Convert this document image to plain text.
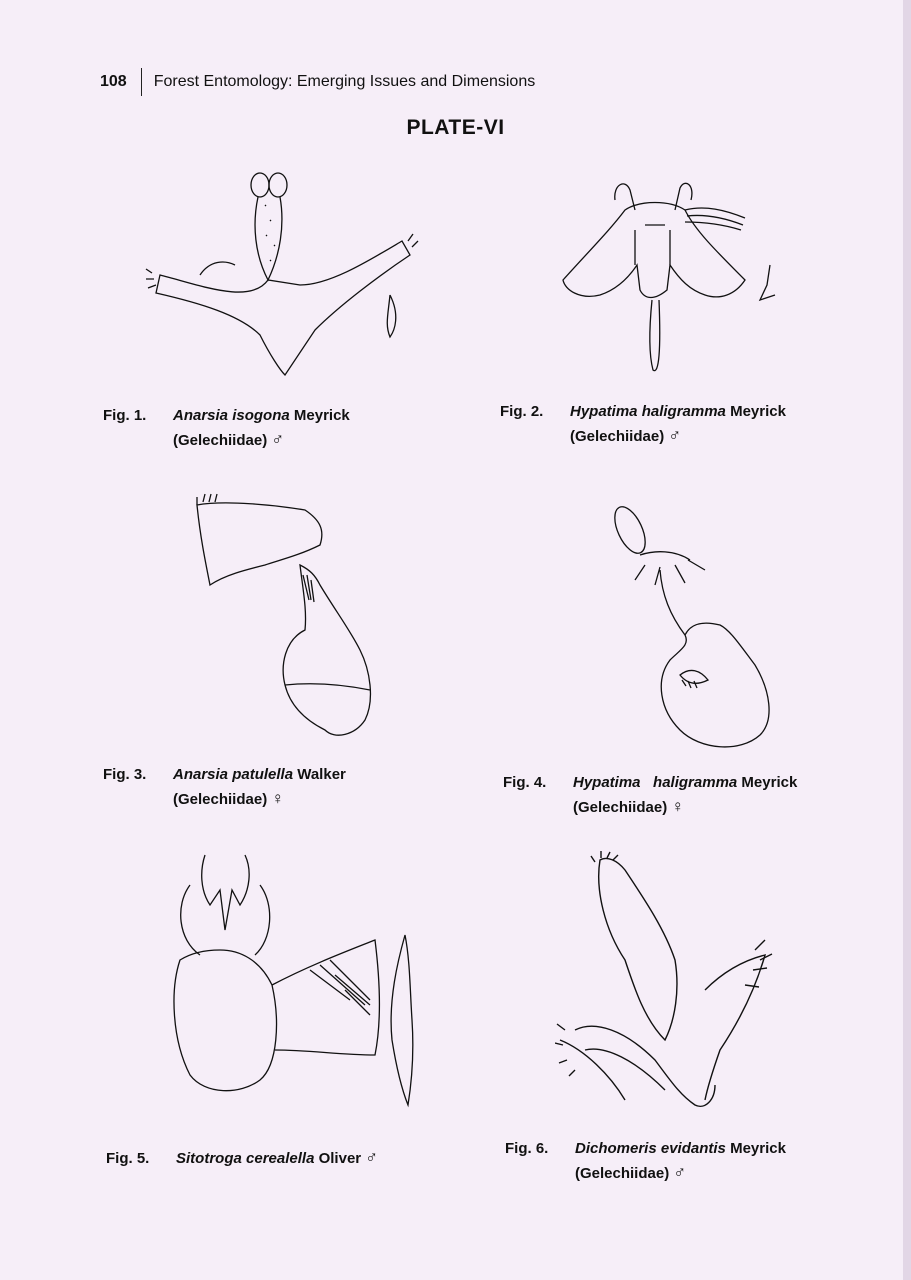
108 Forest Entomology: Emerging Issues and Dimensions
PLATE-VI
Fig. 1. Anarsia isogona Meyrick
(Gelechiidae) ♂
Fig. 2. Hypatima haligramma Meyrick
(Gelechiidae) ♂
Fig. 3. Anarsia patulella Walker
(Gelechiidae) ♀
Fig. 4. Hypatima haligramma Meyrick
(Gelechiidae) ♀
Fig. 5. Sitotroga cerealella Oliver ♂	Fig. 6. Dichomeris evidantis Meyrick
(Gelechiidae) ♂
